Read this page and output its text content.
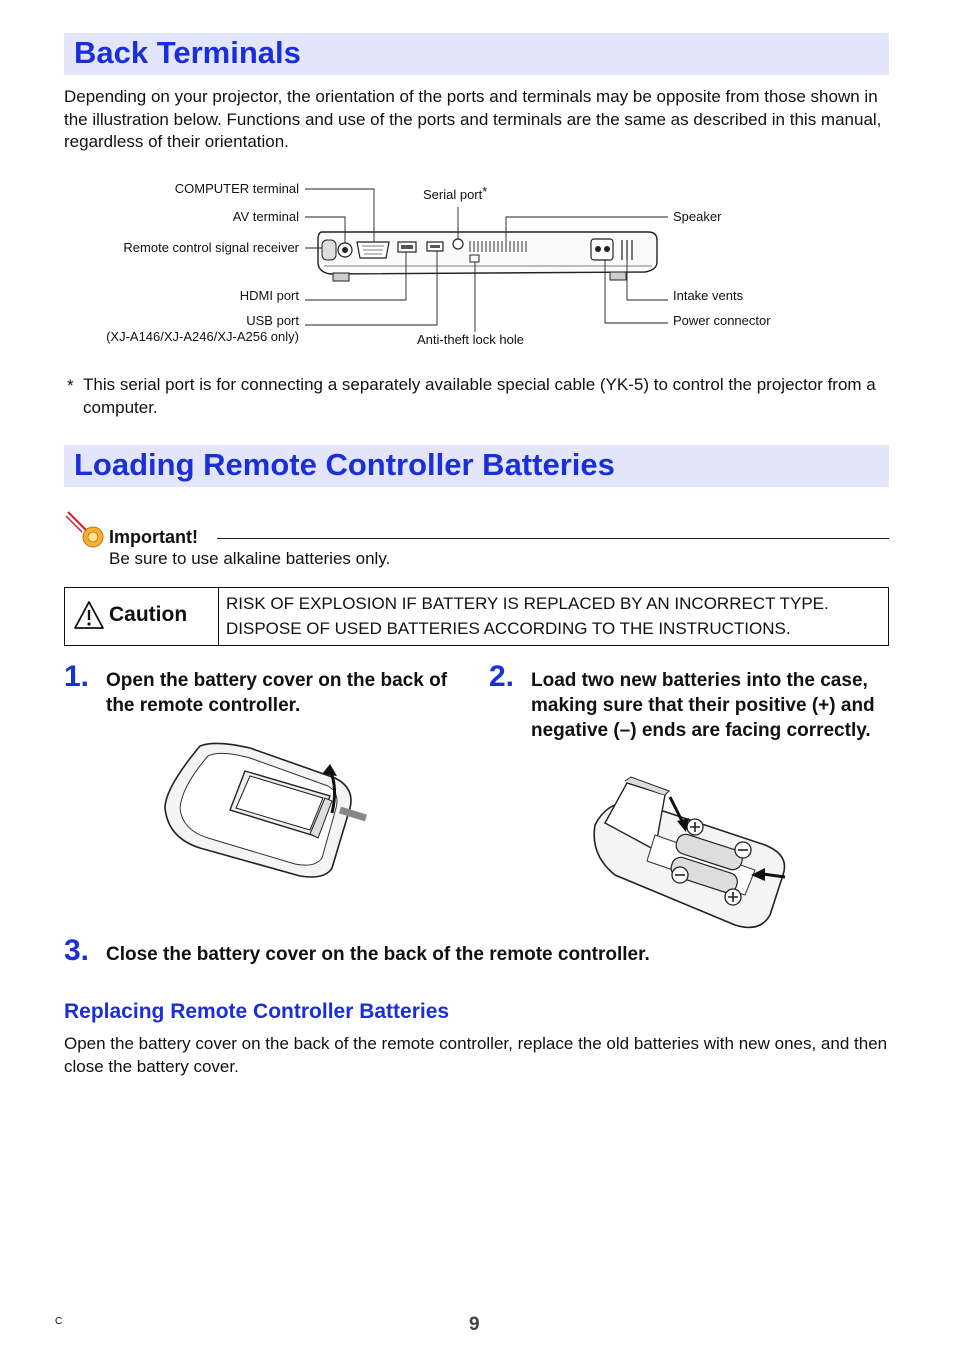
Back Terminals
Depending on your projector, the orientation of the ports and terminals may be opposite from those shown in the illustration below. Functions and use of the ports and terminals are the same as described in this manual, regardless of their orientation.
COMPUTER terminal
AV terminal
Remote control signal receiver
HDMI port
USB port
(XJ-A146/XJ-A246/XJ-A256 only)
Serial port*
Speaker
Intake vents
Power connector
Anti-theft lock hole
* This serial port is for connecting a separately available special cable (YK-5) to control the projector from a computer.
Loading Remote Controller Batteries
Important!
Be sure to use alkaline batteries only.
Caution RISK OF EXPLOSION IF BATTERY IS REPLACED BY AN INCORRECT TYPE.
DISPOSE OF USED BATTERIES ACCORDING TO THE INSTRUCTIONS.
1. Open the battery cover on the back of the remote controller.
2. Load two new batteries into the case, making sure that their positive (+) and negative (–) ends are facing correctly.
3. Close the battery cover on the back of the remote controller.
Replacing Remote Controller Batteries
Open the battery cover on the back of the remote controller, replace the old batteries with new ones, and then close the battery cover.
C	9
